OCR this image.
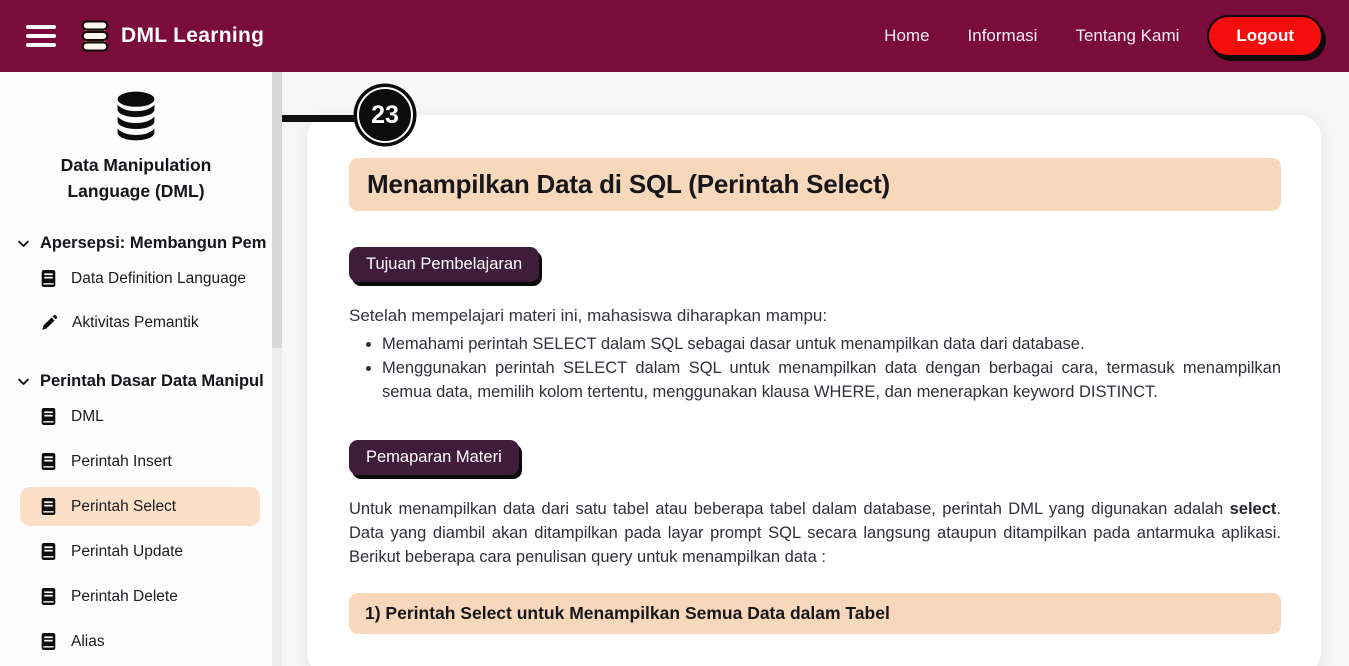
DML Learning	Home Informasi Tentang Kami	Logout
Data Manipulation Language (DML)
Apersepsi: Membangun Pem
Data Definition Language
Aktivitas Pemantik
Perintah Dasar Data Manipul
DML
Perintah Insert
Perintah Select
Perintah Update
Perintah Delete
Alias
23
Menampilkan Data di SQL (Perintah Select)
Tujuan Pembelajaran
Setelah mempelajari materi ini, mahasiswa diharapkan mampu:
• Memahami perintah SELECT dalam SQL sebagai dasar untuk menampilkan data dari database.
• Menggunakan perintah SELECT dalam SQL untuk menampilkan data dengan berbagai cara, termasuk menampilkan semua data, memilih kolom tertentu, menggunakan klausa WHERE, dan menerapkan keyword DISTINCT.
Pemaparan Materi

Untuk menampilkan data dari satu tabel atau beberapa tabel dalam database, perintah DML yang digunakan adalah select. Data yang diambil akan ditampilkan pada layar prompt SQL secara langsung ataupun ditampilkan pada antarmuka aplikasi. Berikut beberapa cara penulisan query untuk menampilkan data :

1) Perintah Select untuk Menampilkan Semua Data dalam Tabel
